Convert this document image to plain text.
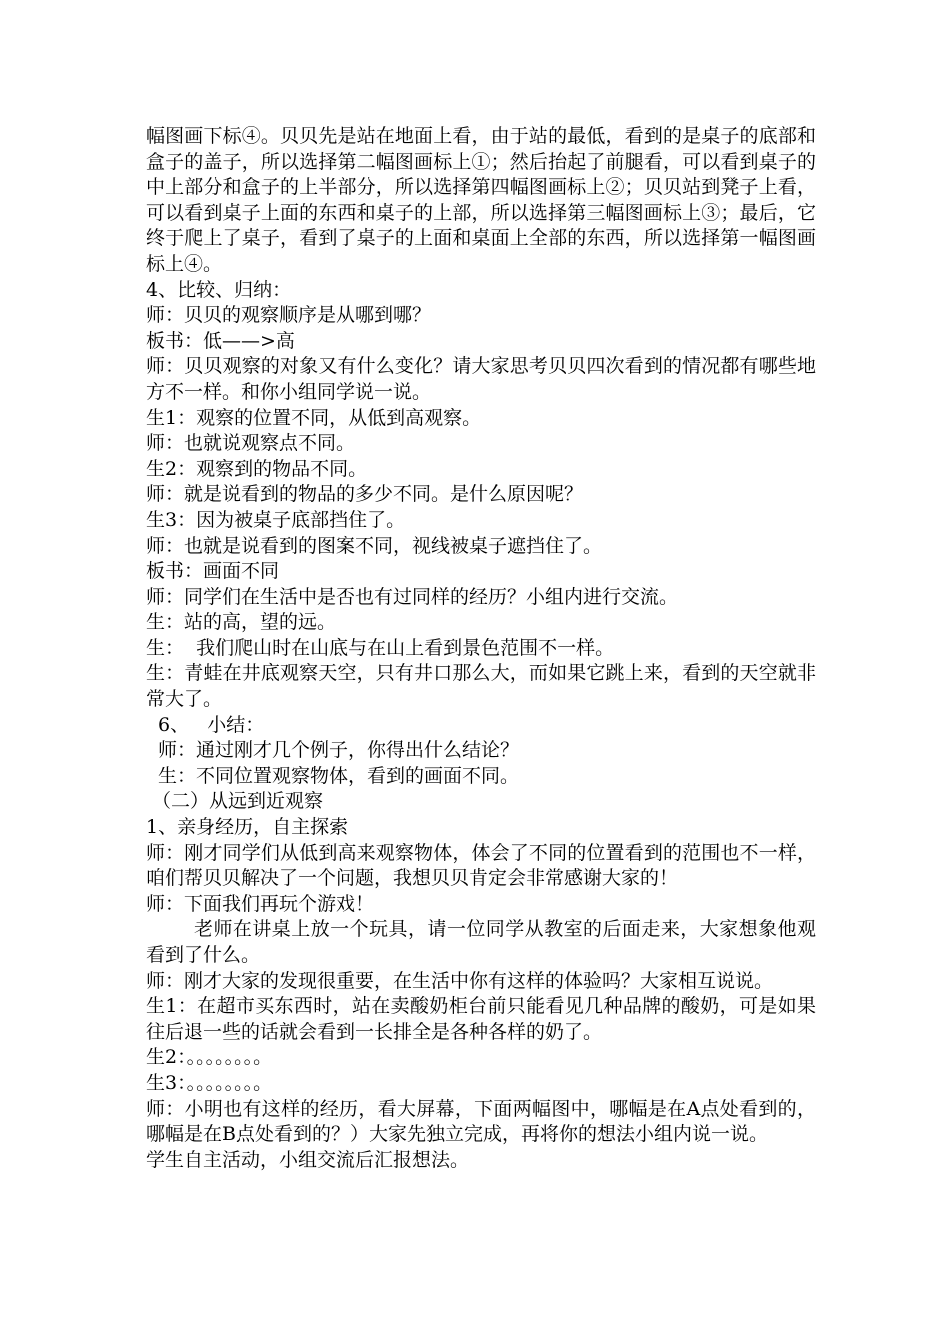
幅图画下标④。贝贝先是站在地面上看，由于站的最低，看到的是桌子的底部和盒子的盖子，所以选择第二幅图画标上①；然后抬起了前腿看，可以看到桌子的中上部分和盒子的上半部分，所以选择第四幅图画标上②；贝贝站到凳子上看，可以看到桌子上面的东西和桌子的上部，所以选择第三幅图画标上③；最后，它终于爬上了桌子，看到了桌子的上面和桌面上全部的东西，所以选择第一幅图画标上④。

4、比较、归纳：

师：贝贝的观察顺序是从哪到哪？

板书：低——>高

师：贝贝观察的对象又有什么变化？请大家思考贝贝四次看到的情况都有哪些地方不一样。和你小组同学说一说。

生1：观察的位置不同，从低到高观察。

师：也就说观察点不同。

生2：观察到的物品不同。

师：就是说看到的物品的多少不同。是什么原因呢？

生3：因为被桌子底部挡住了。

师：也就是说看到的图案不同，视线被桌子遮挡住了。

板书：画面不同

师：同学们在生活中是否也有过同样的经历？小组内进行交流。

生：站的高，望的远。

生：  我们爬山时在山底与在山上看到景色范围不一样。

生：青蛙在井底观察天空，只有井口那么大，而如果它跳上来，看到的天空就非常大了。

6、   小结：

师：通过刚才几个例子，你得出什么结论？

生：不同位置观察物体，看到的画面不同。

（二）从远到近观察

1、亲身经历，自主探索

师：刚才同学们从低到高来观察物体，体会了不同的位置看到的范围也不一样，咱们帮贝贝解决了一个问题，我想贝贝肯定会非常感谢大家的！

师：下面我们再玩个游戏！

老师在讲桌上放一个玩具，请一位同学从教室的后面走来，大家想象他观看到了什么。

师：刚才大家的发现很重要，在生活中你有这样的体验吗？大家相互说说。

生1：在超市买东西时，站在卖酸奶柜台前只能看见几种品牌的酸奶，可是如果往后退一些的话就会看到一长排全是各种各样的奶了。

生2：。。。。。。。。

生3：。。。。。。。。

师：小明也有这样的经历，看大屏幕，下面两幅图中，哪幅是在A点处看到的，哪幅是在B点处看到的？）大家先独立完成，再将你的想法小组内说一说。

学生自主活动，小组交流后汇报想法。
